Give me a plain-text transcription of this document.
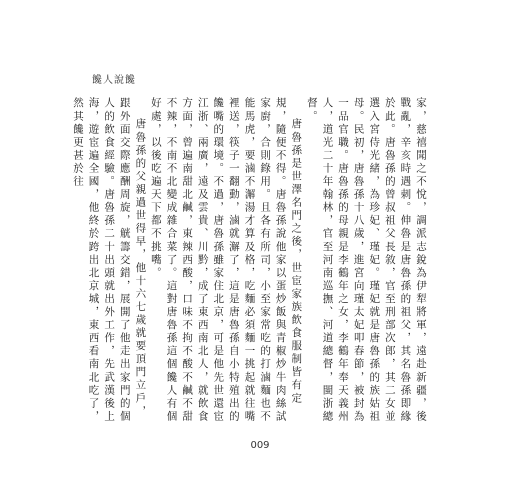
饞人說饞

家，慈禧聞之不悅，調派志銳為伊犁將軍，遠赴新疆，後戰亂，辛亥時遇刺。伸魯是唐魯孫的祖父，其名魯孫即緣於此。唐魯孫的曾叔祖父長敘，官至刑部次郎，其二女並選入宮侍光緒，為珍妃、瑾妃。瑾妃就是唐魯孫的族姑祖母。民初，唐魯孫十八歲，進宮向瑾太妃叩春節，被封為一品官職。唐魯孫的母親是李鶴年之女，李鶴年奉天義州人，道光二十年翰林，官至河南巡撫、河道總督，閩浙總督。

唐魯孫是世澤名門之後，世宦家族飲食服制皆有定規，隨便不得。唐魯孫說他家以蛋炒飯與青椒炒牛肉絲試家廚，合則錄用。且各有所司，小至家常吃的打滷麵也不能馬虎，要滷不澥湯才算及格，吃麵必須麵一挑起就往嘴裡送，筷子一翻動，滷就澥了，這是唐魯孫自小特殖出的饞嘴的環境。不過，唐魯孫雖家住北京，可是他先世還宦江浙、兩廣，遠及雲貴、川黔，成了東西南北人，就飲食方面，曾遍南甜北鹹，東辣西酸，口味不拘不酸不鹹不甜不辣，不南不北變成雜合菜了。這對唐魯孫這個饞人有個好處，以後吃遍天下都不挑嘴。

唐魯孫的父親過世得早，他十六七歲就要頂門立戶，跟外面交際應酬周旋，觥籌交錯，展開了他走出家門的個人的飲食經驗。唐魯孫二十出頭就出外工作，先武漢後上海，遊宦遍全國，他終於跨出北京城，東西看南北吃了，然其饞更甚於往

009
